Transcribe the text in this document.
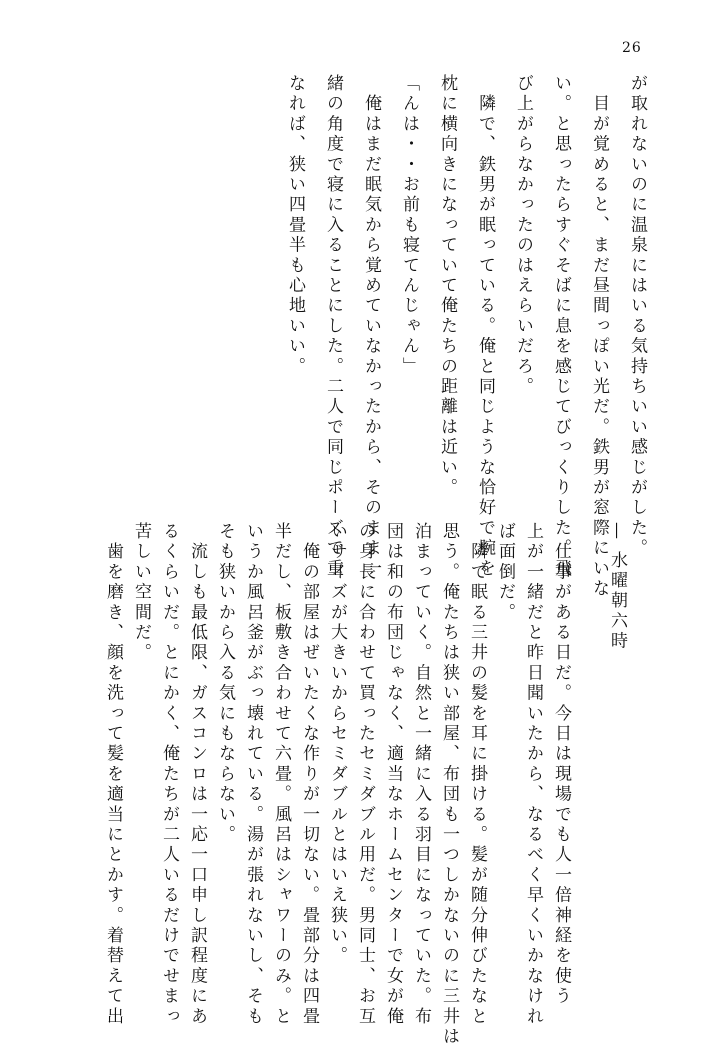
26
が取れないのに温泉にはいる気持ちいい感じがした。
　目が覚めると、まだ昼間っぽい光だ。鉄男が窓際にいな
い。と思ったらすぐそばに息を感じてびっくりした。飛
び上がらなかったのはえらいだろ。
　隣で、鉄男が眠っている。俺と同じような恰好で腕を
枕に横向きになっていて俺たちの距離は近い。
「んは・・お前も寝てんじゃん」
　俺はまだ眠気から覚めていなかったから、そのまま一
緒の角度で寝に入ることにした。二人で同じポーズで重
なれば、狭い四畳半も心地いい。
— 水曜朝六時
　仕事がある日だ。今日は現場でも人一倍神経を使う
上が一緒だと昨日聞いたから、なるべく早くいかなけれ
ば面倒だ。
　隣で眠る三井の髪を耳に掛ける。髪が随分伸びたなと
思う。俺たちは狭い部屋、布団も一つしかないのに三井は
泊まっていく。自然と一緒に入る羽目になっていた。布
団は和の布団じゃなく、適当なホームセンターで女が俺
の身長に合わせて買ったセミダブル用だ。男同士、お互
いサイズが大きいからセミダブルとはいえ狭い。
　俺の部屋はぜいたくな作りが一切ない。畳部分は四畳
半だし、板敷き合わせて六畳。風呂はシャワーのみ。と
いうか風呂釜がぶっ壊れている。湯が張れないし、そも
そも狭いから入る気にもならない。
　流しも最低限、ガスコンロは一応一口申し訳程度にあ
るくらいだ。とにかく、俺たちが二人いるだけでせまっ
苦しい空間だ。
　歯を磨き、顔を洗って髪を適当にとかす。着替えて出
